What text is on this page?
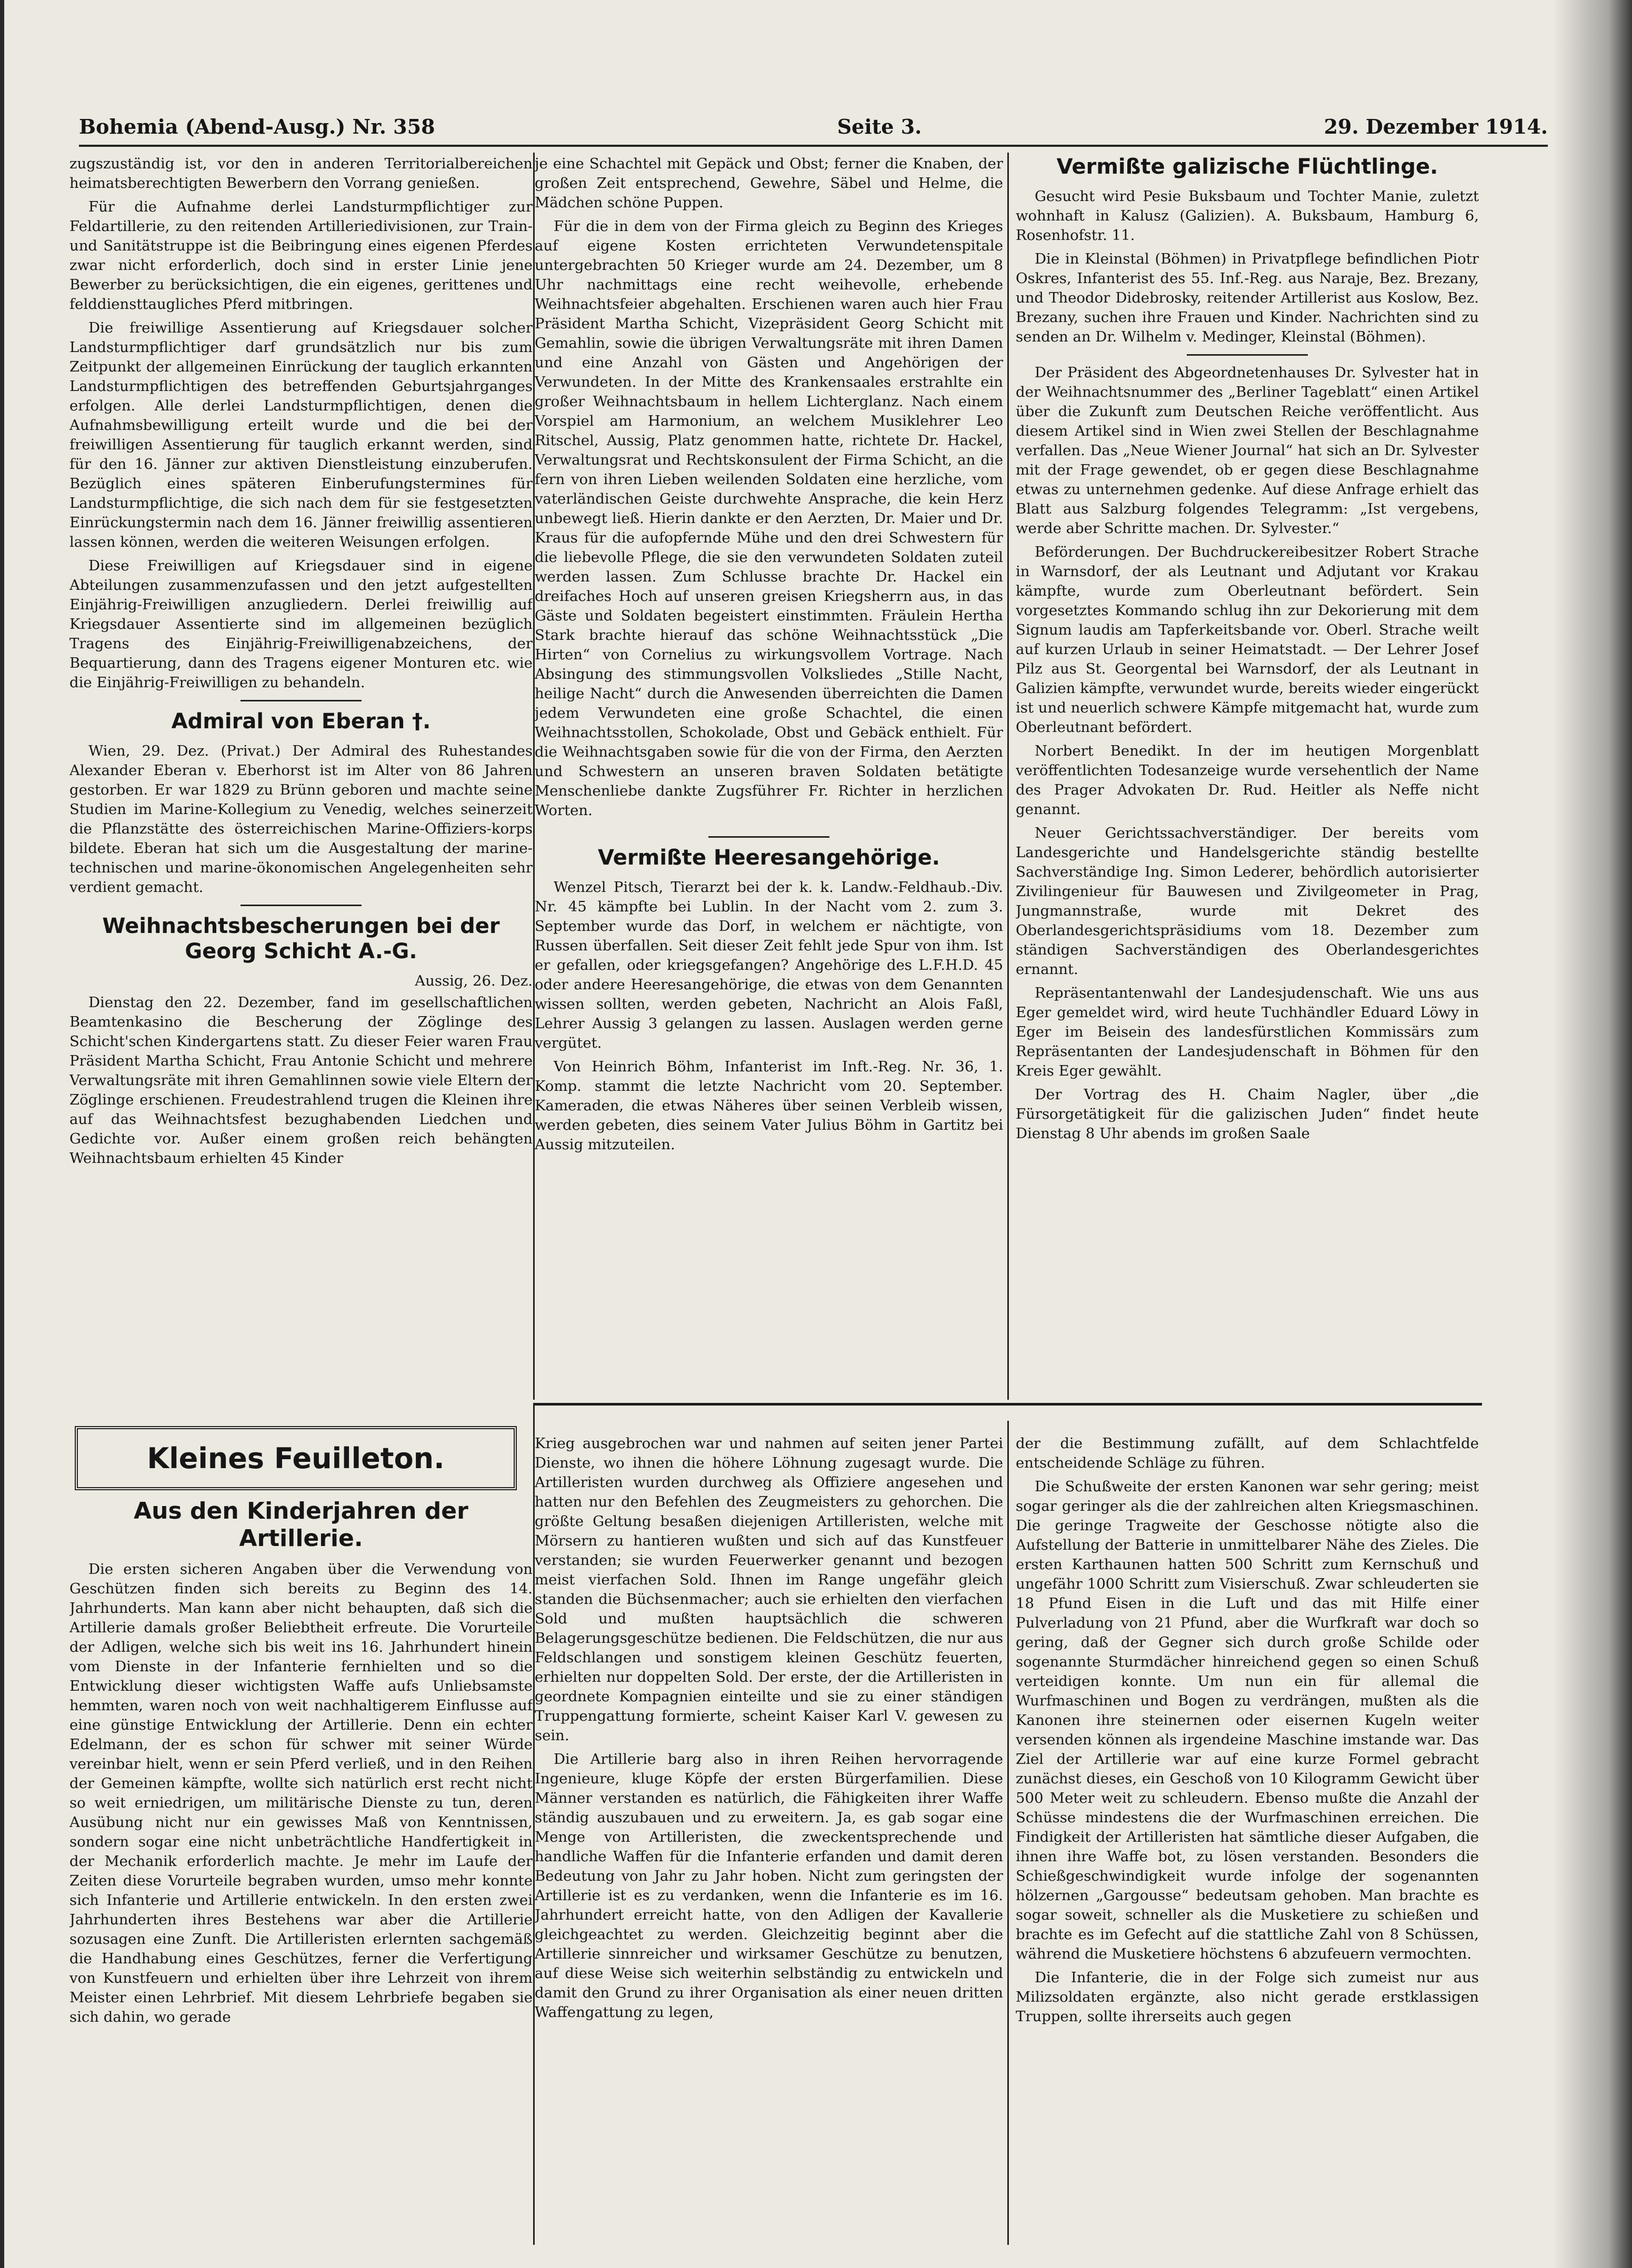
Bohemia (Abend-Ausg.) Nr. 358	Seite 3.	29. Dezember 1914.

zugszuständig ist, vor den in anderen Territorialbereichen heimatsberechtigten Bewerbern den Vorrang genießen.

Für die Aufnahme derlei Landsturmpflichtiger zur Feldartillerie, zu den reitenden Artilleriedivisionen, zur Train- und Sanitätstruppe ist die Beibringung eines eigenen Pferdes zwar nicht erforderlich, doch sind in erster Linie jene Bewerber zu berücksichtigen, die ein eigenes, gerittenes und felddiensttaugliches Pferd mitbringen.

Die freiwillige Assentierung auf Kriegsdauer solcher Landsturmpflichtiger darf grundsätzlich nur bis zum Zeitpunkt der allgemeinen Einrückung der tauglich erkannten Landsturmpflichtigen des betreffenden Geburtsjahrganges erfolgen. Alle derlei Landsturmpflichtigen, denen die Aufnahmsbewilligung erteilt wurde und die bei der freiwilligen Assentierung für tauglich erkannt werden, sind für den 16. Jänner zur aktiven Dienstleistung einzuberufen. Bezüglich eines späteren Einberufungstermines für Landsturmpflichtige, die sich nach dem für sie festgesetzten Einrückungstermin nach dem 16. Jänner freiwillig assentieren lassen können, werden die weiteren Weisungen erfolgen.

Diese Freiwilligen auf Kriegsdauer sind in eigene Abteilungen zusammenzufassen und den jetzt aufgestellten Einjährig-Freiwilligen anzugliedern. Derlei freiwillig auf Kriegsdauer Assentierte sind im allgemeinen bezüglich Tragens des Einjährig-Freiwilligenabzeichens, der Bequartierung, dann des Tragens eigener Monturen etc. wie die Einjährig-Freiwilligen zu behandeln.

Admiral von Eberan †.

Wien, 29. Dez. (Privat.) Der Admiral des Ruhestandes Alexander Eberan v. Eberhorst ist im Alter von 86 Jahren gestorben. Er war 1829 zu Brünn geboren und machte seine Studien im Marine-Kollegium zu Venedig, welches seinerzeit die Pflanzstätte des österreichischen Marine-Offiziers-korps bildete. Eberan hat sich um die Ausgestaltung der marine-technischen und marine-ökonomischen Angelegenheiten sehr verdient gemacht.

Weihnachtsbescherungen bei der Georg Schicht A.-G.
Aussig, 26. Dez.

Dienstag den 22. Dezember, fand im gesellschaftlichen Beamtenkasino die Bescherung der Zöglinge des Schicht'schen Kindergartens statt. Zu dieser Feier waren Frau Präsident Martha Schicht, Frau Antonie Schicht und mehrere Verwaltungsräte mit ihren Gemahlinnen sowie viele Eltern der Zöglinge erschienen. Freudestrahlend trugen die Kleinen ihre auf das Weihnachtsfest bezughabenden Liedchen und Gedichte vor. Außer einem großen reich behängten Weihnachtsbaum erhielten 45 Kinder

je eine Schachtel mit Gepäck und Obst; ferner die Knaben, der großen Zeit entsprechend, Gewehre, Säbel und Helme, die Mädchen schöne Puppen.

Für die in dem von der Firma gleich zu Beginn des Krieges auf eigene Kosten errichteten Verwundetenspitale untergebrachten 50 Krieger wurde am 24. Dezember, um 8 Uhr nachmittags eine recht weihevolle, erhebende Weihnachtsfeier abgehalten. Erschienen waren auch hier Frau Präsident Martha Schicht, Vizepräsident Georg Schicht mit Gemahlin, sowie die übrigen Verwaltungsräte mit ihren Damen und eine Anzahl von Gästen und Angehörigen der Verwundeten. In der Mitte des Krankensaales erstrahlte ein großer Weihnachtsbaum in hellem Lichterglanz. Nach einem Vorspiel am Harmonium, an welchem Musiklehrer Leo Ritschel, Aussig, Platz genommen hatte, richtete Dr. Hackel, Verwaltungsrat und Rechtskonsulent der Firma Schicht, an die fern von ihren Lieben weilenden Soldaten eine herzliche, vom vaterländischen Geiste durchwehte Ansprache, die kein Herz unbewegt ließ. Hierin dankte er den Aerzten, Dr. Maier und Dr. Kraus für die aufopfernde Mühe und den drei Schwestern für die liebevolle Pflege, die sie den verwundeten Soldaten zuteil werden lassen. Zum Schlusse brachte Dr. Hackel ein dreifaches Hoch auf unseren greisen Kriegsherrn aus, in das Gäste und Soldaten begeistert einstimmten. Fräulein Hertha Stark brachte hierauf das schöne Weihnachtsstück „Die Hirten“ von Cornelius zu wirkungsvollem Vortrage. Nach Absingung des stimmungsvollen Volksliedes „Stille Nacht, heilige Nacht“ durch die Anwesenden überreichten die Damen jedem Verwundeten eine große Schachtel, die einen Weihnachtsstollen, Schokolade, Obst und Gebäck enthielt. Für die Weihnachtsgaben sowie für die von der Firma, den Aerzten und Schwestern an unseren braven Soldaten betätigte Menschenliebe dankte Zugsführer Fr. Richter in herzlichen Worten.

Vermißte Heeresangehörige.

Wenzel Pitsch, Tierarzt bei der k. k. Landw.-Feldhaub.-Div. Nr. 45 kämpfte bei Lublin. In der Nacht vom 2. zum 3. September wurde das Dorf, in welchem er nächtigte, von Russen überfallen. Seit dieser Zeit fehlt jede Spur von ihm. Ist er gefallen, oder kriegsgefangen? Angehörige des L.F.H.D. 45 oder andere Heeresangehörige, die etwas von dem Genannten wissen sollten, werden gebeten, Nachricht an Alois Faßl, Lehrer Aussig 3 gelangen zu lassen. Auslagen werden gerne vergütet.

Von Heinrich Böhm, Infanterist im Inft.-Reg. Nr. 36, 1. Komp. stammt die letzte Nachricht vom 20. September. Kameraden, die etwas Näheres über seinen Verbleib wissen, werden gebeten, dies seinem Vater Julius Böhm in Gartitz bei Aussig mitzuteilen.

Vermißte galizische Flüchtlinge.

Gesucht wird Pesie Buksbaum und Tochter Manie, zuletzt wohnhaft in Kalusz (Galizien). A. Buksbaum, Hamburg 6, Rosenhofstr. 11.

Die in Kleinstal (Böhmen) in Privatpflege befindlichen Piotr Oskres, Infanterist des 55. Inf.-Reg. aus Naraje, Bez. Brezany, und Theodor Didebrosky, reitender Artillerist aus Koslow, Bez. Brezany, suchen ihre Frauen und Kinder. Nachrichten sind zu senden an Dr. Wilhelm v. Medinger, Kleinstal (Böhmen).

Der Präsident des Abgeordnetenhauses Dr. Sylvester hat in der Weihnachtsnummer des „Berliner Tageblatt“ einen Artikel über die Zukunft zum Deutschen Reiche veröffentlicht. Aus diesem Artikel sind in Wien zwei Stellen der Beschlagnahme verfallen. Das „Neue Wiener Journal“ hat sich an Dr. Sylvester mit der Frage gewendet, ob er gegen diese Beschlagnahme etwas zu unternehmen gedenke. Auf diese Anfrage erhielt das Blatt aus Salzburg folgendes Telegramm: „Ist vergebens, werde aber Schritte machen. Dr. Sylvester.“

Beförderungen. Der Buchdruckereibesitzer Robert Strache in Warnsdorf, der als Leutnant und Adjutant vor Krakau kämpfte, wurde zum Oberleutnant befördert. Sein vorgesetztes Kommando schlug ihn zur Dekorierung mit dem Signum laudis am Tapferkeitsbande vor. Oberl. Strache weilt auf kurzen Urlaub in seiner Heimatstadt. — Der Lehrer Josef Pilz aus St. Georgental bei Warnsdorf, der als Leutnant in Galizien kämpfte, verwundet wurde, bereits wieder eingerückt ist und neuerlich schwere Kämpfe mitgemacht hat, wurde zum Oberleutnant befördert.

Norbert Benedikt. In der im heutigen Morgenblatt veröffentlichten Todesanzeige wurde versehentlich der Name des Prager Advokaten Dr. Rud. Heitler als Neffe nicht genannt.

Neuer Gerichtssachverständiger. Der bereits vom Landesgerichte und Handelsgerichte ständig bestellte Sachverständige Ing. Simon Lederer, behördlich autorisierter Zivilingenieur für Bauwesen und Zivilgeometer in Prag, Jungmannstraße, wurde mit Dekret des Oberlandesgerichtspräsidiums vom 18. Dezember zum ständigen Sachverständigen des Oberlandesgerichtes ernannt.

Repräsentantenwahl der Landesjudenschaft. Wie uns aus Eger gemeldet wird, wird heute Tuchhändler Eduard Löwy in Eger im Beisein des landesfürstlichen Kommissärs zum Repräsentanten der Landesjudenschaft in Böhmen für den Kreis Eger gewählt.

Der Vortrag des H. Chaim Nagler, über „die Fürsorgetätigkeit für die galizischen Juden“ findet heute Dienstag 8 Uhr abends im großen Saale

Kleines Feuilleton.
Aus den Kinderjahren der Artillerie.

Die ersten sicheren Angaben über die Verwendung von Geschützen finden sich bereits zu Beginn des 14. Jahrhunderts. Man kann aber nicht behaupten, daß sich die Artillerie damals großer Beliebtheit erfreute. Die Vorurteile der Adligen, welche sich bis weit ins 16. Jahrhundert hinein vom Dienste in der Infanterie fernhielten und so die Entwicklung dieser wichtigsten Waffe aufs Unliebsamste hemmten, waren noch von weit nachhaltigerem Einflusse auf eine günstige Entwicklung der Artillerie. Denn ein echter Edelmann, der es schon für schwer mit seiner Würde vereinbar hielt, wenn er sein Pferd verließ, und in den Reihen der Gemeinen kämpfte, wollte sich natürlich erst recht nicht so weit erniedrigen, um militärische Dienste zu tun, deren Ausübung nicht nur ein gewisses Maß von Kenntnissen, sondern sogar eine nicht unbeträchtliche Handfertigkeit in der Mechanik erforderlich machte. Je mehr im Laufe der Zeiten diese Vorurteile begraben wurden, umso mehr konnte sich Infanterie und Artillerie entwickeln. In den ersten zwei Jahrhunderten ihres Bestehens war aber die Artillerie sozusagen eine Zunft. Die Artilleristen erlernten sachgemäß die Handhabung eines Geschützes, ferner die Verfertigung von Kunstfeuern und erhielten über ihre Lehrzeit von ihrem Meister einen Lehrbrief. Mit diesem Lehrbriefe begaben sie sich dahin, wo gerade

Krieg ausgebrochen war und nahmen auf seiten jener Partei Dienste, wo ihnen die höhere Löhnung zugesagt wurde. Die Artilleristen wurden durchweg als Offiziere angesehen und hatten nur den Befehlen des Zeugmeisters zu gehorchen. Die größte Geltung besaßen diejenigen Artilleristen, welche mit Mörsern zu hantieren wußten und sich auf das Kunstfeuer verstanden; sie wurden Feuerwerker genannt und bezogen meist vierfachen Sold. Ihnen im Range ungefähr gleich standen die Büchsenmacher; auch sie erhielten den vierfachen Sold und mußten hauptsächlich die schweren Belagerungsgeschütze bedienen. Die Feldschützen, die nur aus Feldschlangen und sonstigem kleinen Geschütz feuerten, erhielten nur doppelten Sold. Der erste, der die Artilleristen in geordnete Kompagnien einteilte und sie zu einer ständigen Truppengattung formierte, scheint Kaiser Karl V. gewesen zu sein.

Die Artillerie barg also in ihren Reihen hervorragende Ingenieure, kluge Köpfe der ersten Bürgerfamilien. Diese Männer verstanden es natürlich, die Fähigkeiten ihrer Waffe ständig auszubauen und zu erweitern. Ja, es gab sogar eine Menge von Artilleristen, die zweckentsprechende und handliche Waffen für die Infanterie erfanden und damit deren Bedeutung von Jahr zu Jahr hoben. Nicht zum geringsten der Artillerie ist es zu verdanken, wenn die Infanterie es im 16. Jahrhundert erreicht hatte, von den Adligen der Kavallerie gleichgeachtet zu werden. Gleichzeitig beginnt aber die Artillerie sinnreicher und wirksamer Geschütze zu benutzen, auf diese Weise sich weiterhin selbständig zu entwickeln und damit den Grund zu ihrer Organisation als einer neuen dritten Waffengattung zu legen,

der die Bestimmung zufällt, auf dem Schlachtfelde entscheidende Schläge zu führen.

Die Schußweite der ersten Kanonen war sehr gering; meist sogar geringer als die der zahlreichen alten Kriegsmaschinen. Die geringe Tragweite der Geschosse nötigte also die Aufstellung der Batterie in unmittelbarer Nähe des Zieles. Die ersten Karthaunen hatten 500 Schritt zum Kernschuß und ungefähr 1000 Schritt zum Visierschuß. Zwar schleuderten sie 18 Pfund Eisen in die Luft und das mit Hilfe einer Pulverladung von 21 Pfund, aber die Wurfkraft war doch so gering, daß der Gegner sich durch große Schilde oder sogenannte Sturmdächer hinreichend gegen so einen Schuß verteidigen konnte. Um nun ein für allemal die Wurfmaschinen und Bogen zu verdrängen, mußten als die Kanonen ihre steinernen oder eisernen Kugeln weiter versenden können als irgendeine Maschine imstande war. Das Ziel der Artillerie war auf eine kurze Formel gebracht zunächst dieses, ein Geschoß von 10 Kilogramm Gewicht über 500 Meter weit zu schleudern. Ebenso mußte die Anzahl der Schüsse mindestens die der Wurfmaschinen erreichen. Die Findigkeit der Artilleristen hat sämtliche dieser Aufgaben, die ihnen ihre Waffe bot, zu lösen verstanden. Besonders die Schießgeschwindigkeit wurde infolge der sogenannten hölzernen „Gargousse“ bedeutsam gehoben. Man brachte es sogar soweit, schneller als die Musketiere zu schießen und brachte es im Gefecht auf die stattliche Zahl von 8 Schüssen, während die Musketiere höchstens 6 abzufeuern vermochten.

Die Infanterie, die in der Folge sich zumeist nur aus Milizsoldaten ergänzte, also nicht gerade erstklassigen Truppen, sollte ihrerseits auch gegen
